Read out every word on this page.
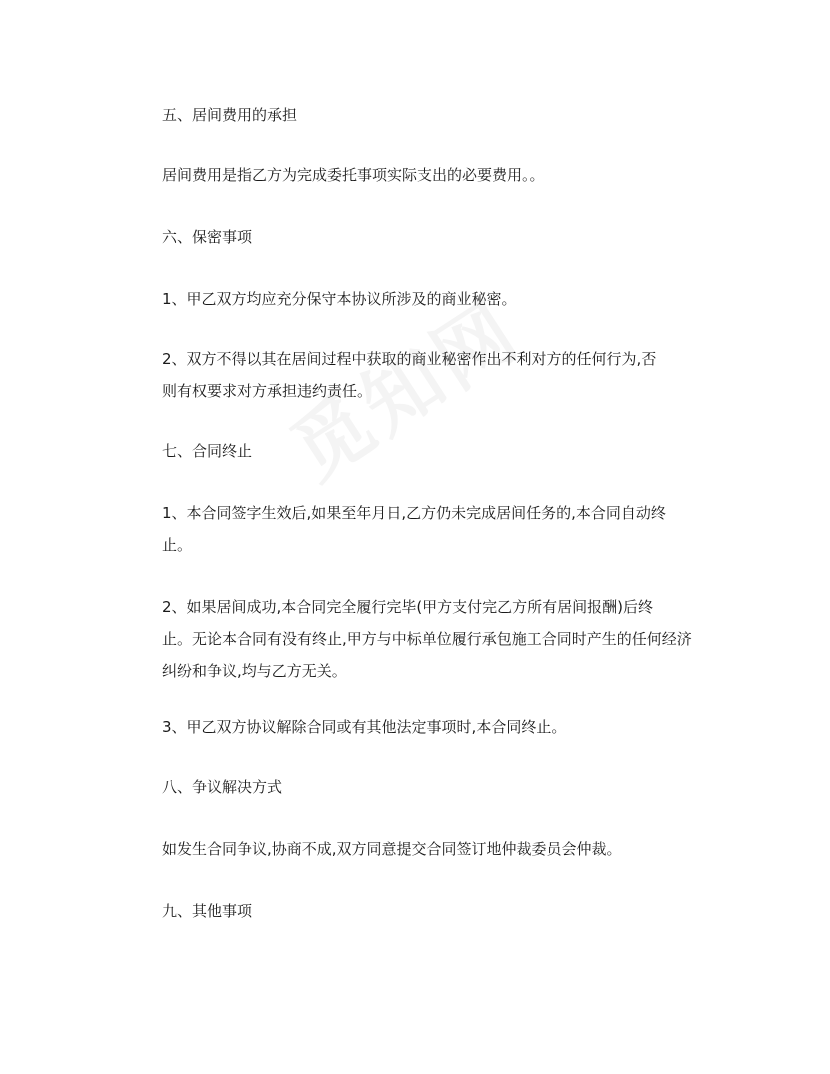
五、居间费用的承担

居间费用是指乙方为完成委托事项实际支出的必要费用。。

六、保密事项

1、甲乙双方均应充分保守本协议所涉及的商业秘密。

2、双方不得以其在居间过程中获取的商业秘密作出不利对方的任何行为,否

则有权要求对方承担违约责任。

七、合同终止

1、本合同签字生效后,如果至年月日,乙方仍未完成居间任务的,本合同自动终

止。

2、如果居间成功,本合同完全履行完毕(甲方支付完乙方所有居间报酬)后终

止。无论本合同有没有终止,甲方与中标单位履行承包施工合同时产生的任何经济

纠纷和争议,均与乙方无关。

3、甲乙双方协议解除合同或有其他法定事项时,本合同终止。

八、争议解决方式

如发生合同争议,协商不成,双方同意提交合同签订地仲裁委员会仲裁。

九、其他事项
